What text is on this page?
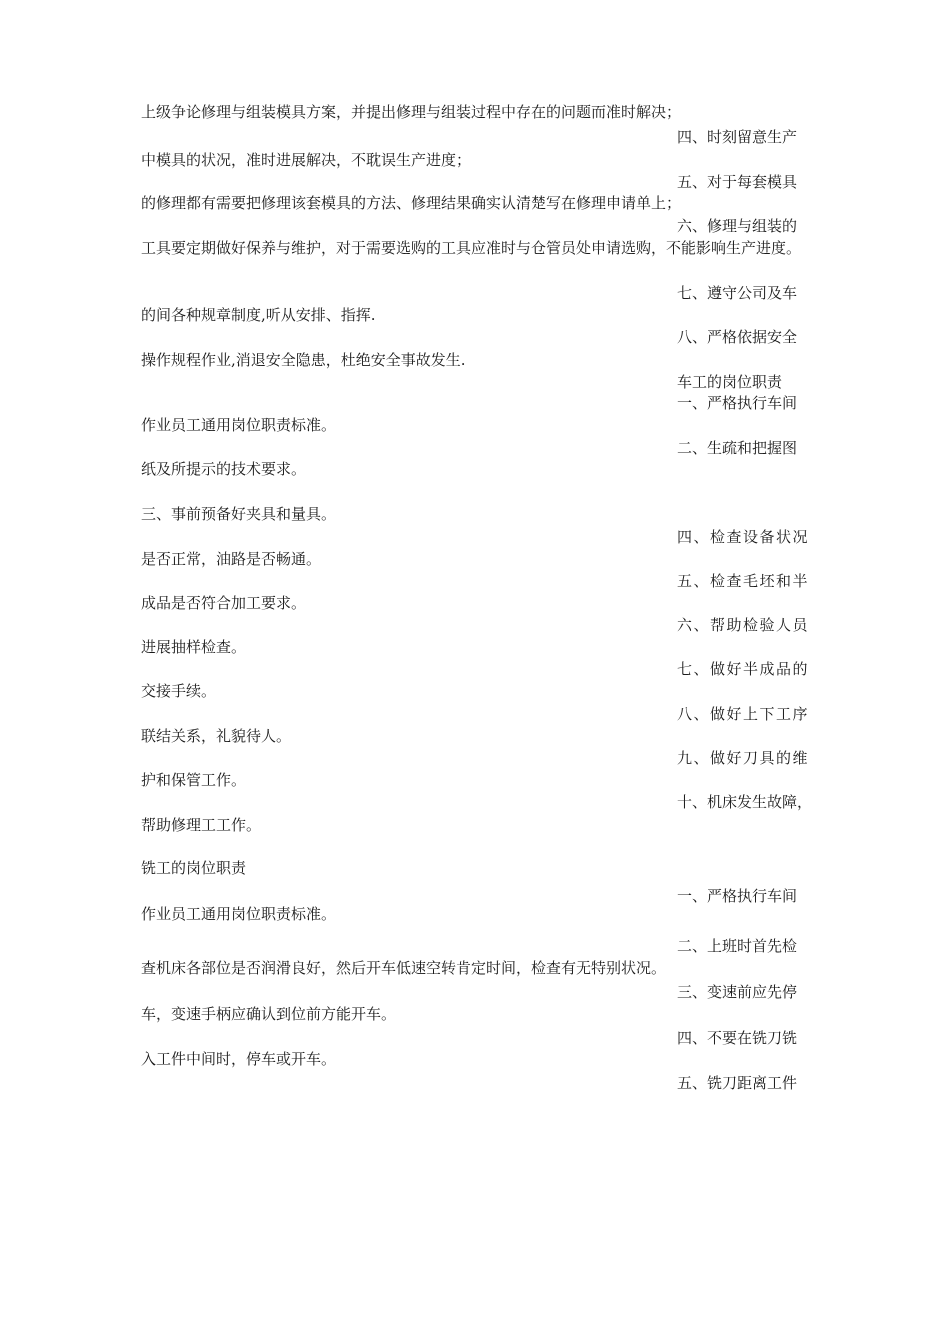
上级争论修理与组装模具方案，并提出修理与组装过程中存在的问题而准时解决；
四、时刻留意生产
中模具的状况，准时进展解决，不耽误生产进度；
五、对于每套模具
的修理都有需要把修理该套模具的方法、修理结果确实认清楚写在修理申请单上；
六、修理与组装的
工具要定期做好保养与维护，对于需要选购的工具应准时与仓管员处申请选购，不能影响生产进度。
七、遵守公司及车
的间各种规章制度,听从安排、指挥.
八、严格依据安全
操作规程作业,消退安全隐患，杜绝安全事故发生.
车工的岗位职责
一、严格执行车间
作业员工通用岗位职责标准。
二、生疏和把握图
纸及所提示的技术要求。
三、事前预备好夹具和量具。
四、检查设备状况
是否正常，油路是否畅通。
五、检查毛坯和半
成品是否符合加工要求。
六、帮助检验人员
进展抽样检查。
七、做好半成品的
交接手续。
八、做好上下工序
联结关系，礼貌待人。
九、做好刀具的维
护和保管工作。
十、机床发生故障，
帮助修理工工作。
铣工的岗位职责
一、严格执行车间
作业员工通用岗位职责标准。
二、上班时首先检
查机床各部位是否润滑良好，然后开车低速空转肯定时间，检查有无特别状况。
三、变速前应先停
车，变速手柄应确认到位前方能开车。
四、不要在铣刀铣
入工件中间时，停车或开车。
五、铣刀距离工件
